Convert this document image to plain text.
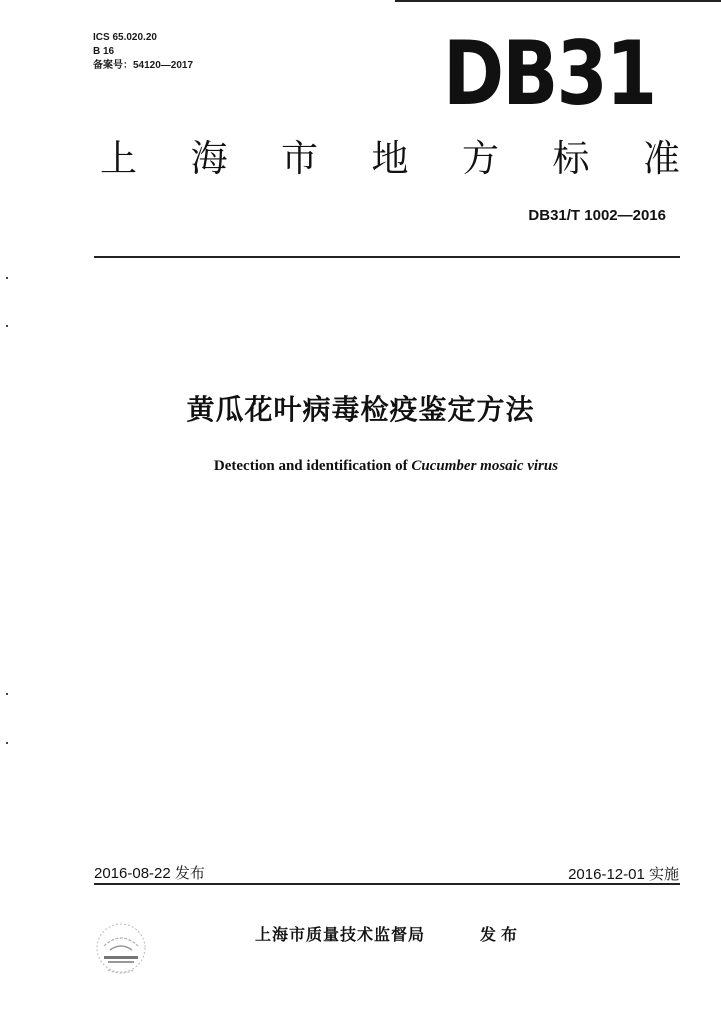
ICS 65.020.20
B 16
备案号：54120—2017	DB31
上 海 市 地 方 标 准
DB31/T 1002—2016
黄瓜花叶病毒检疫鉴定方法
Detection and identification of Cucumber mosaic virus
2016-08-22 发布	2016-12-01 实施
上海市质量技术监督局	发布
